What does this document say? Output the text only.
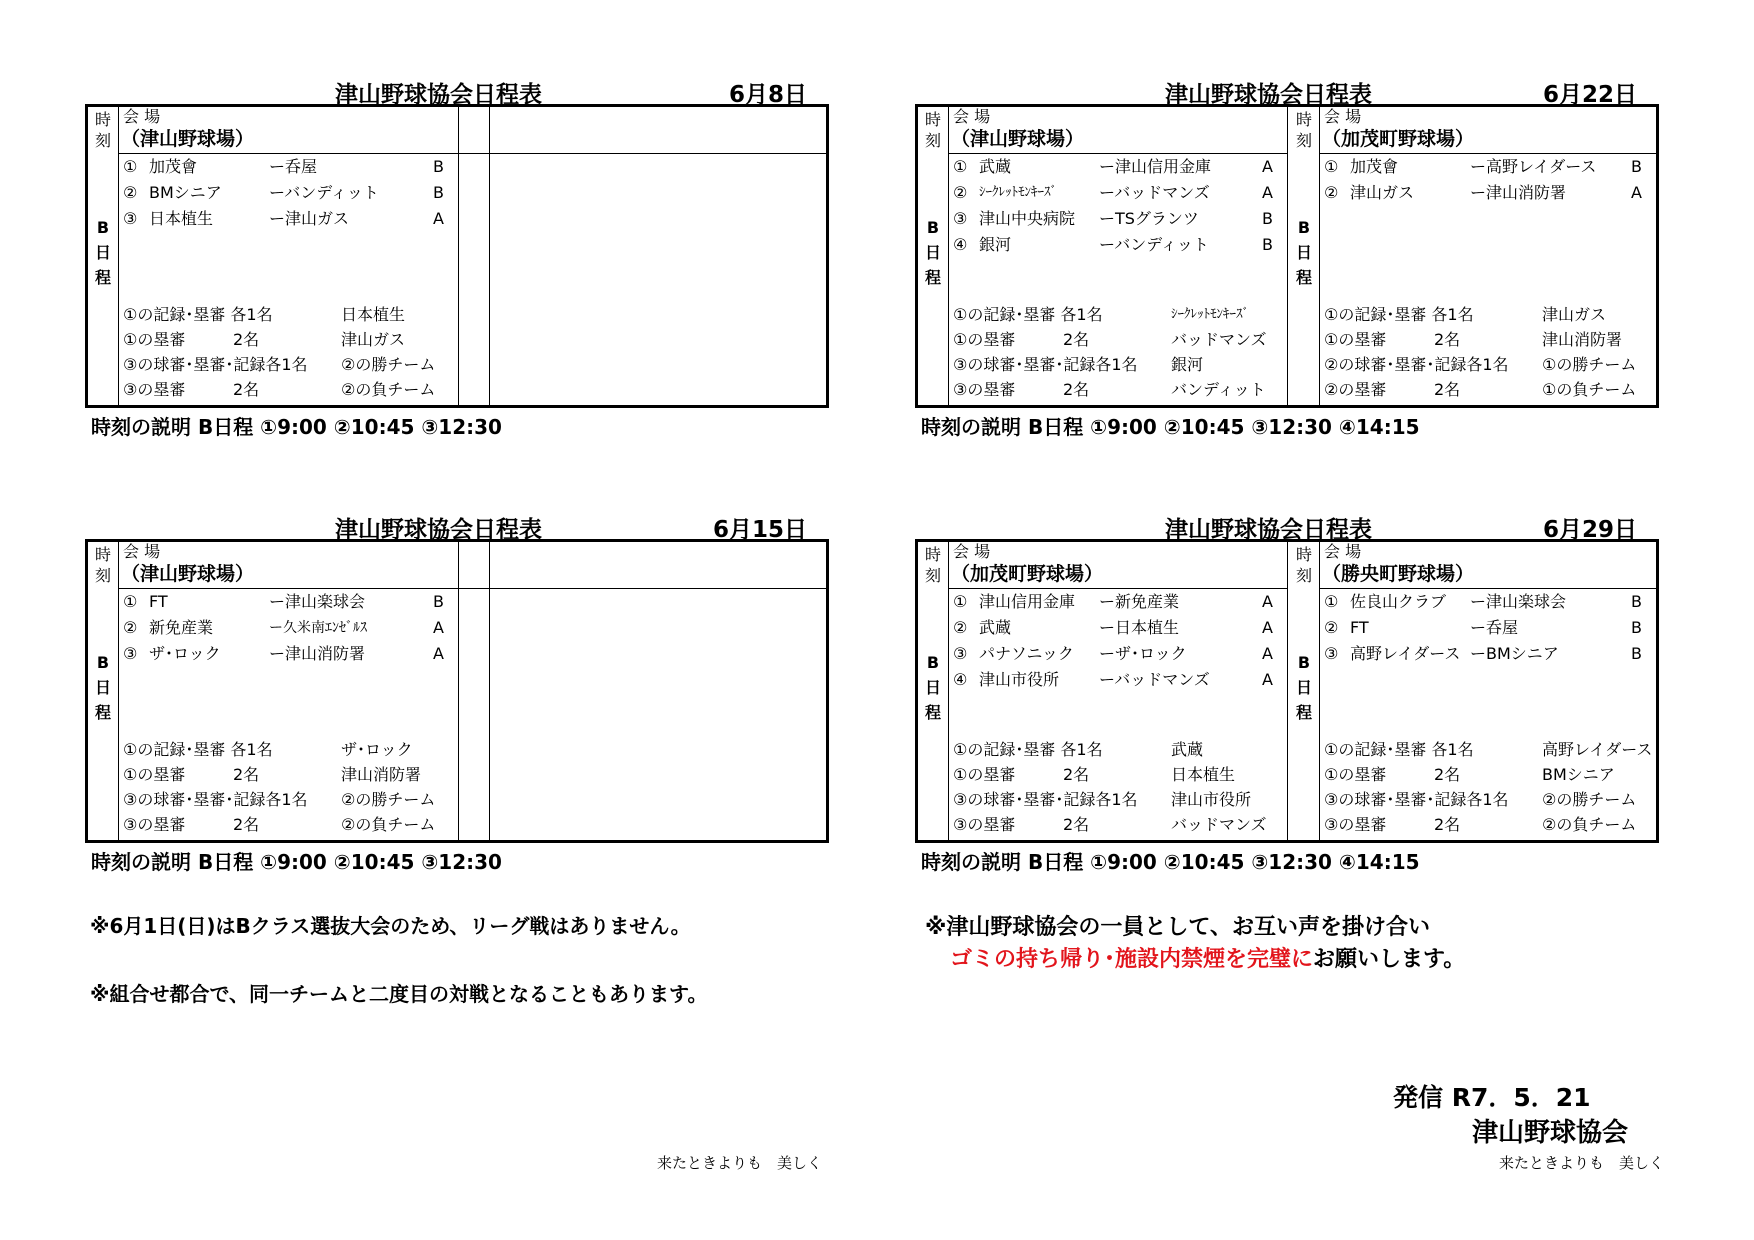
津山野球協会日程表	6月8日
時
刻
B
日
程
会 場
（津山野球場）
① 加茂會	ー呑屋	B
② BMシニア	ーバンディット	B
③ 日本植生	ー津山ガス	A
①の記録･塁審 各1名	日本植生
①の塁審	2名	津山ガス
③の球審･塁審･記録各1名 ②の勝チーム
③の塁審	2名	②の負チーム
時刻の説明 B日程 ①9:00 ②10:45 ③12:30
津山野球協会日程表	6月22日
時
刻
B
日
程
会 場
（津山野球場）
① 武蔵	ー津山信用金庫	A
② ｼｰｸﾚｯﾄﾓﾝｷｰｽﾞ	ーバッドマンズ	A
③ 津山中央病院 ーTSグランツ	B
④ 銀河	ーバンディット	B
①の記録･塁審 各1名	ｼｰｸﾚｯﾄﾓﾝｷｰｽﾞ
①の塁審	2名	バッドマンズ
③の球審･塁審･記録各1名 銀河
③の塁審	2名	バンディット
時
刻
B
日
程
会 場
（加茂町野球場）
① 加茂會	ー高野レイダース B
② 津山ガス	ー津山消防署	A
①の記録･塁審 各1名	津山ガス
①の塁審	2名	津山消防署
②の球審･塁審･記録各1名 ①の勝チーム
②の塁審	2名	①の負チーム
時刻の説明 B日程 ①9:00 ②10:45 ③12:30 ④14:15
津山野球協会日程表	6月15日
時
刻
B
日
程
会 場
（津山野球場）
① FT	ー津山楽球会	B
② 新免産業	ー久米南ｴﾝｾﾞﾙｽ	A
③ ザ･ロック	ー津山消防署	A
①の記録･塁審 各1名	ザ･ロック
①の塁審	2名	津山消防署
③の球審･塁審･記録各1名 ②の勝チーム
③の塁審	2名	②の負チーム
時刻の説明 B日程 ①9:00 ②10:45 ③12:30
津山野球協会日程表	6月29日
時
刻
B
日
程
会 場
（加茂町野球場）
① 津山信用金庫 ー新免産業	A
② 武蔵	ー日本植生	A
③ パナソニック ーザ･ロック	A
④ 津山市役所 ーバッドマンズ	A
①の記録･塁審 各1名	武蔵
①の塁審	2名	日本植生
③の球審･塁審･記録各1名 津山市役所
③の塁審	2名	バッドマンズ
時
刻
B
日
程
会 場
（勝央町野球場）
① 佐良山クラブ ー津山楽球会	B
② FT	ー呑屋	B
③ 高野レイダース ーBMシニア	B
①の記録･塁審 各1名	高野レイダース
①の塁審	2名	BMシニア
③の球審･塁審･記録各1名 ②の勝チーム
③の塁審	2名	②の負チーム
時刻の説明 B日程 ①9:00 ②10:45 ③12:30 ④14:15
※6月1日(日)はBクラス選抜大会のため、リーグ戦はありません。
※組合せ都合で、同一チームと二度目の対戦となることもあります。
※津山野球協会の一員として、お互い声を掛け合い
ゴミの持ち帰り･施設内禁煙を完璧にお願いします。
発信 R7．5．21
津山野球協会
来たときよりも　美しく	来たときよりも　美しく
